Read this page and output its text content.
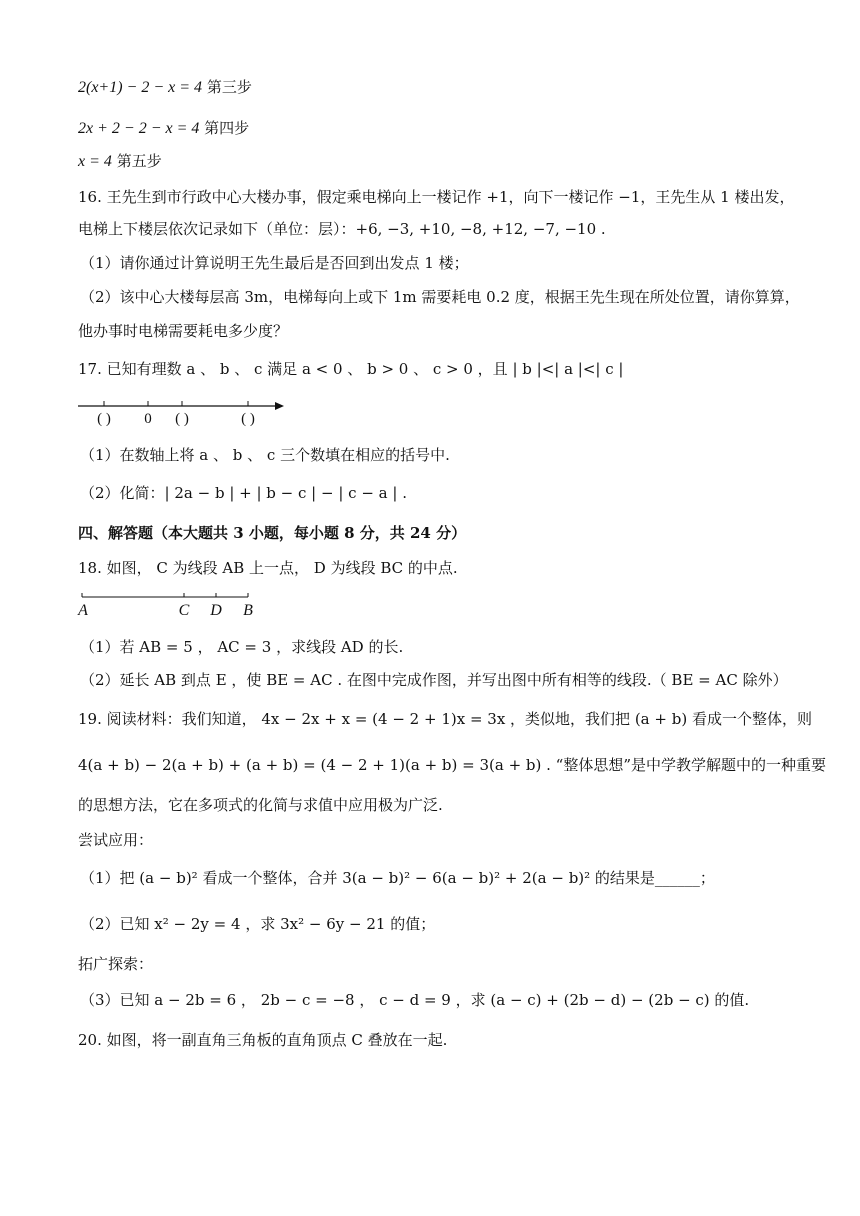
2(x+1) − 2 − x = 4 第三步
2x + 2 − 2 − x = 4 第四步
x = 4 第五步
16. 王先生到市行政中心大楼办事，假定乘电梯向上一楼记作 +1，向下一楼记作 −1，王先生从 1 楼出发，
电梯上下楼层依次记录如下（单位：层）：+6, −3, +10, −8, +12, −7, −10 .
（1）请你通过计算说明王先生最后是否回到出发点 1 楼；
（2）该中心大楼每层高 3m，电梯每向上或下 1m 需要耗电 0.2 度，根据王先生现在所处位置，请你算算，
他办事时电梯需要耗电多少度？
17. 已知有理数 a 、 b 、 c 满足 a < 0 、 b > 0 、 c > 0 ，且 | b |<| a |<| c |
( ) 0 ( )	( )
（1）在数轴上将 a 、 b 、 c 三个数填在相应的括号中.
（2）化简：| 2a − b | + | b − c | − | c − a | .
四、解答题（本大题共 3 小题，每小题 8 分，共 24 分）
18. 如图， C 为线段 AB 上一点， D 为线段 BC 的中点.
A	C D B
（1）若 AB = 5 ， AC = 3 ，求线段 AD 的长.
（2）延长 AB 到点 E ，使 BE = AC . 在图中完成作图，并写出图中所有相等的线段.（ BE = AC 除外）
19. 阅读材料：我们知道， 4x − 2x + x = (4 − 2 + 1)x = 3x ，类似地，我们把 (a + b) 看成一个整体，则
4(a + b) − 2(a + b) + (a + b) = (4 − 2 + 1)(a + b) = 3(a + b) . “整体思想”是中学教学解题中的一种重要
的思想方法，它在多项式的化简与求值中应用极为广泛.
尝试应用：
（1）把 (a − b)² 看成一个整体，合并 3(a − b)² − 6(a − b)² + 2(a − b)² 的结果是______；
（2）已知 x² − 2y = 4 ，求 3x² − 6y − 21 的值；
拓广探索：
（3）已知 a − 2b = 6 ， 2b − c = −8 ， c − d = 9 ，求 (a − c) + (2b − d) − (2b − c) 的值.
20. 如图，将一副直角三角板的直角顶点 C 叠放在一起.
